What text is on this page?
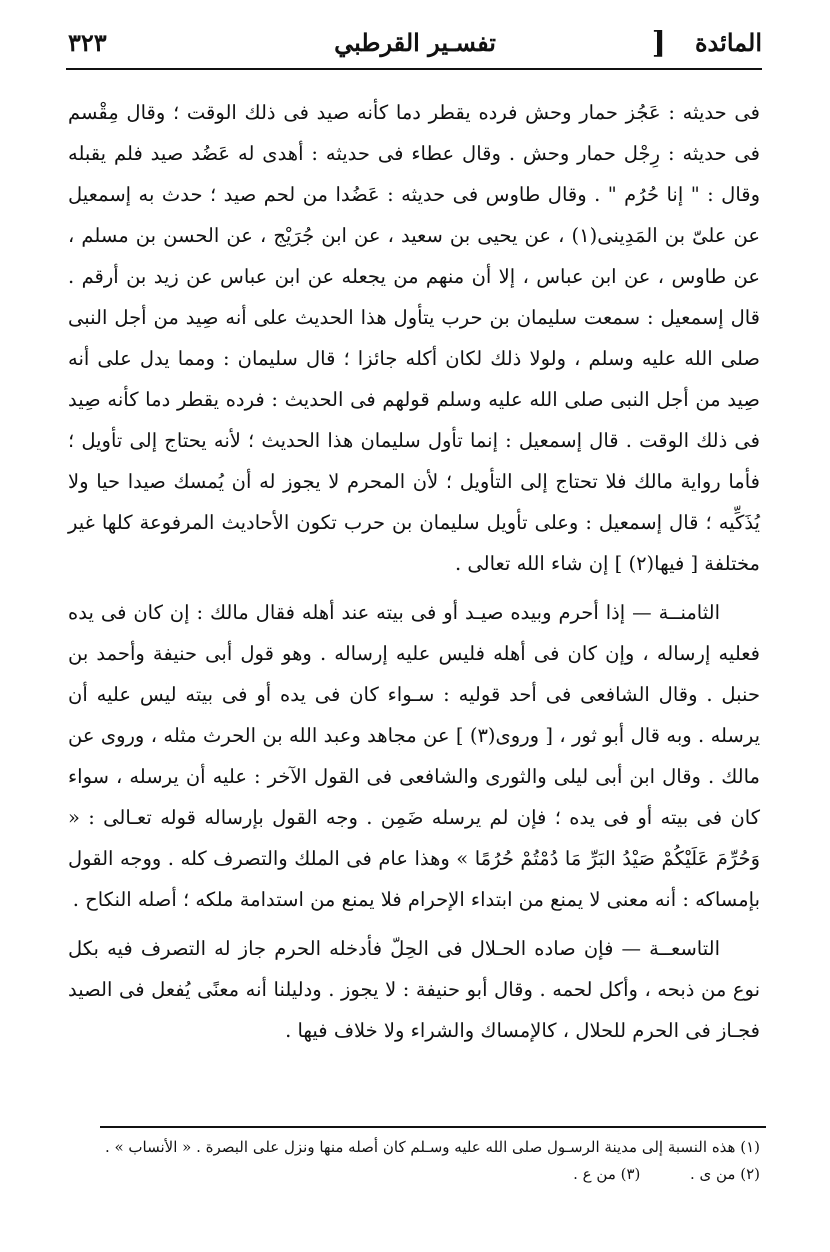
المائدة
]
تفسـير القرطبي
٣٢٣

فى حديثه : عَجُز حمار وحش فرده يقطر دما كأنه صيد فى ذلك الوقت ؛ وقال مِقْسم فى حديثه : رِجْل حمار وحش . وقال عطاء فى حديثه : أهدى له عَضُد صيد فلم يقبله وقال : " إنا حُرُم " . وقال طاوس فى حديثه : عَضُدا من لحم صيد ؛ حدث به إسمعيل عن علىّ بن المَدِينى(١) ، عن يحيى بن سعيد ، عن ابن جُرَيْج ، عن الحسن بن مسلم ، عن طاوس ، عن ابن عباس ، إلا أن منهم من يجعله عن ابن عباس عن زيد بن أرقم . قال إسمعيل : سمعت سليمان بن حرب يتأول هذا الحديث على أنه صِيد من أجل النبى صلى الله عليه وسلم ، ولولا ذلك لكان أكله جائزا ؛ قال سليمان : ومما يدل على أنه صِيد من أجل النبى صلى الله عليه وسلم قولهم فى الحديث : فرده يقطر دما كأنه صِيد فى ذلك الوقت . قال إسمعيل : إنما تأول سليمان هذا الحديث ؛ لأنه يحتاج إلى تأويل ؛ فأما رواية مالك فلا تحتاج إلى التأويل ؛ لأن المحرم لا يجوز له أن يُمسك صيدا حيا ولا يُذَكِّيه ؛ قال إسمعيل : وعلى تأويل سليمان بن حرب تكون الأحاديث المرفوعة كلها غير مختلفة [ فيها(٢) ] إن شاء الله تعالى .

الثامنــة — إذا أحرم وبيده صيـد أو فى بيته عند أهله فقال مالك : إن كان فى يده فعليه إرساله ، وإن كان فى أهله فليس عليه إرساله . وهو قول أبى حنيفة وأحمد بن حنبل . وقال الشافعى فى أحد قوليه : سـواء كان فى يده أو فى بيته ليس عليه أن يرسله . وبه قال أبو ثور ، [ وروى(٣) ] عن مجاهد وعبد الله بن الحرث مثله ، وروى عن مالك . وقال ابن أبى ليلى والثورى والشافعى فى القول الآخر : عليه أن يرسله ، سواء كان فى بيته أو فى يده ؛ فإن لم يرسله ضَمِن . وجه القول بإرساله قوله تعـالى : « وَحُرِّمَ عَلَيْكُمْ صَيْدُ البَرِّ مَا دُمْتُمْ حُرُمًا » وهذا عام فى الملك والتصرف كله . ووجه القول بإمساكه : أنه معنى لا يمنع من ابتداء الإحرام فلا يمنع من استدامة ملكه ؛ أصله النكاح .

التاسعــة — فإن صاده الحـلال فى الحِلّ فأدخله الحرم جاز له التصرف فيه بكل نوع من ذبحه ، وأكل لحمه . وقال أبو حنيفة : لا يجوز . ودليلنا أنه معنًى يُفعل فى الصيد فجـاز فى الحرم للحلال ، كالإمساك والشراء ولا خلاف فيها .

(١) هذه النسبة إلى مدينة الرسـول صلى الله عليه وسـلم كان أصله منها ونزل على البصرة . « الأنساب » .
(٢) من ى .  (٣) من ع .
